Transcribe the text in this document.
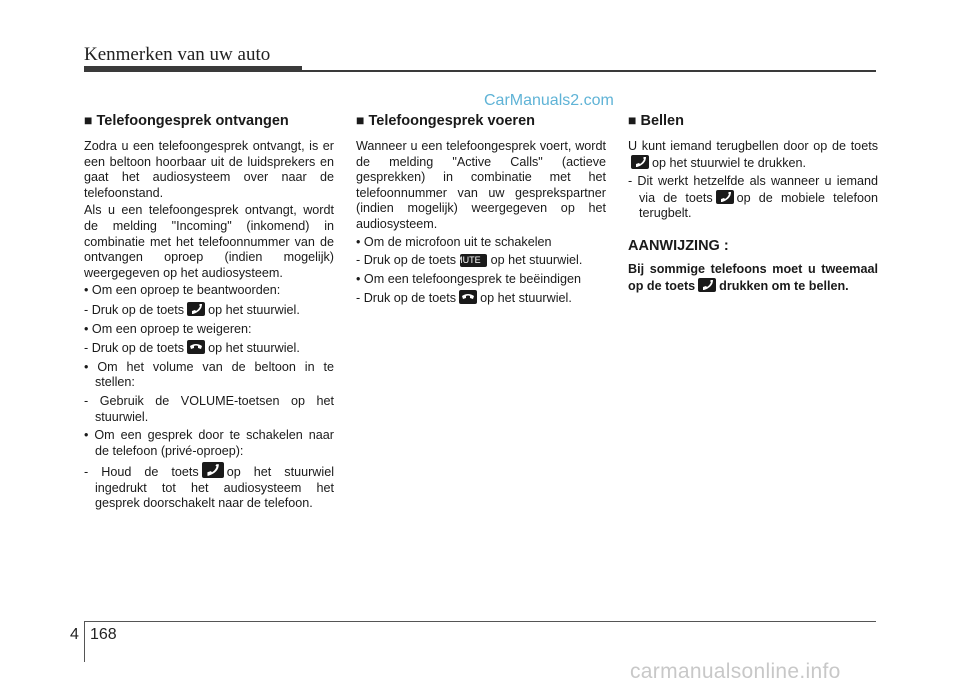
Kenmerken van uw auto
CarManuals2.com
■ Telefoongesprek ontvangen

Zodra u een telefoongesprek ontvangt, is er een beltoon hoorbaar uit de luidsprekers en gaat het audiosysteem over naar de telefoonstand.

Als u een telefoongesprek ontvangt, wordt de melding "Incoming" (inkomend) in combinatie met het telefoonnummer van de ontvangen oproep (indien mogelijk) weergegeven op het audiosysteem.

• Om een oproep te beantwoorden:

- Druk op de toets op het stuurwiel.

• Om een oproep te weigeren:

- Druk op de toets op het stuurwiel.

• Om het volume van de beltoon in te stellen:

- Gebruik de VOLUME-toetsen op het stuurwiel.

• Om een gesprek door te schakelen naar de telefoon (privé-oproep):

- Houd de toets op het stuurwiel ingedrukt tot het audiosysteem het gesprek doorschakelt naar de telefoon.

■ Telefoongesprek voeren

Wanneer u een telefoongesprek voert, wordt de melding "Active Calls" (actieve gesprekken) in combinatie met het telefoonnummer van uw gesprekspartner (indien mogelijk) weergegeven op het audiosysteem.

• Om de microfoon uit te schakelen

- Druk op de toetsMUTE op het stuurwiel.

• Om een telefoongesprek te beëindigen

- Druk op de toets op het stuurwiel.

■ Bellen

U kunt iemand terugbellen door op de toets
op het stuurwiel te drukken.

- Dit werkt hetzelfde als wanneer u iemand via de toets op de mobiele telefoon terugbelt.

AANWIJZING :

Bij sommige telefoons moet u tweemaal op de toets drukken om te bellen.

4 168
carmanualsonline.info
